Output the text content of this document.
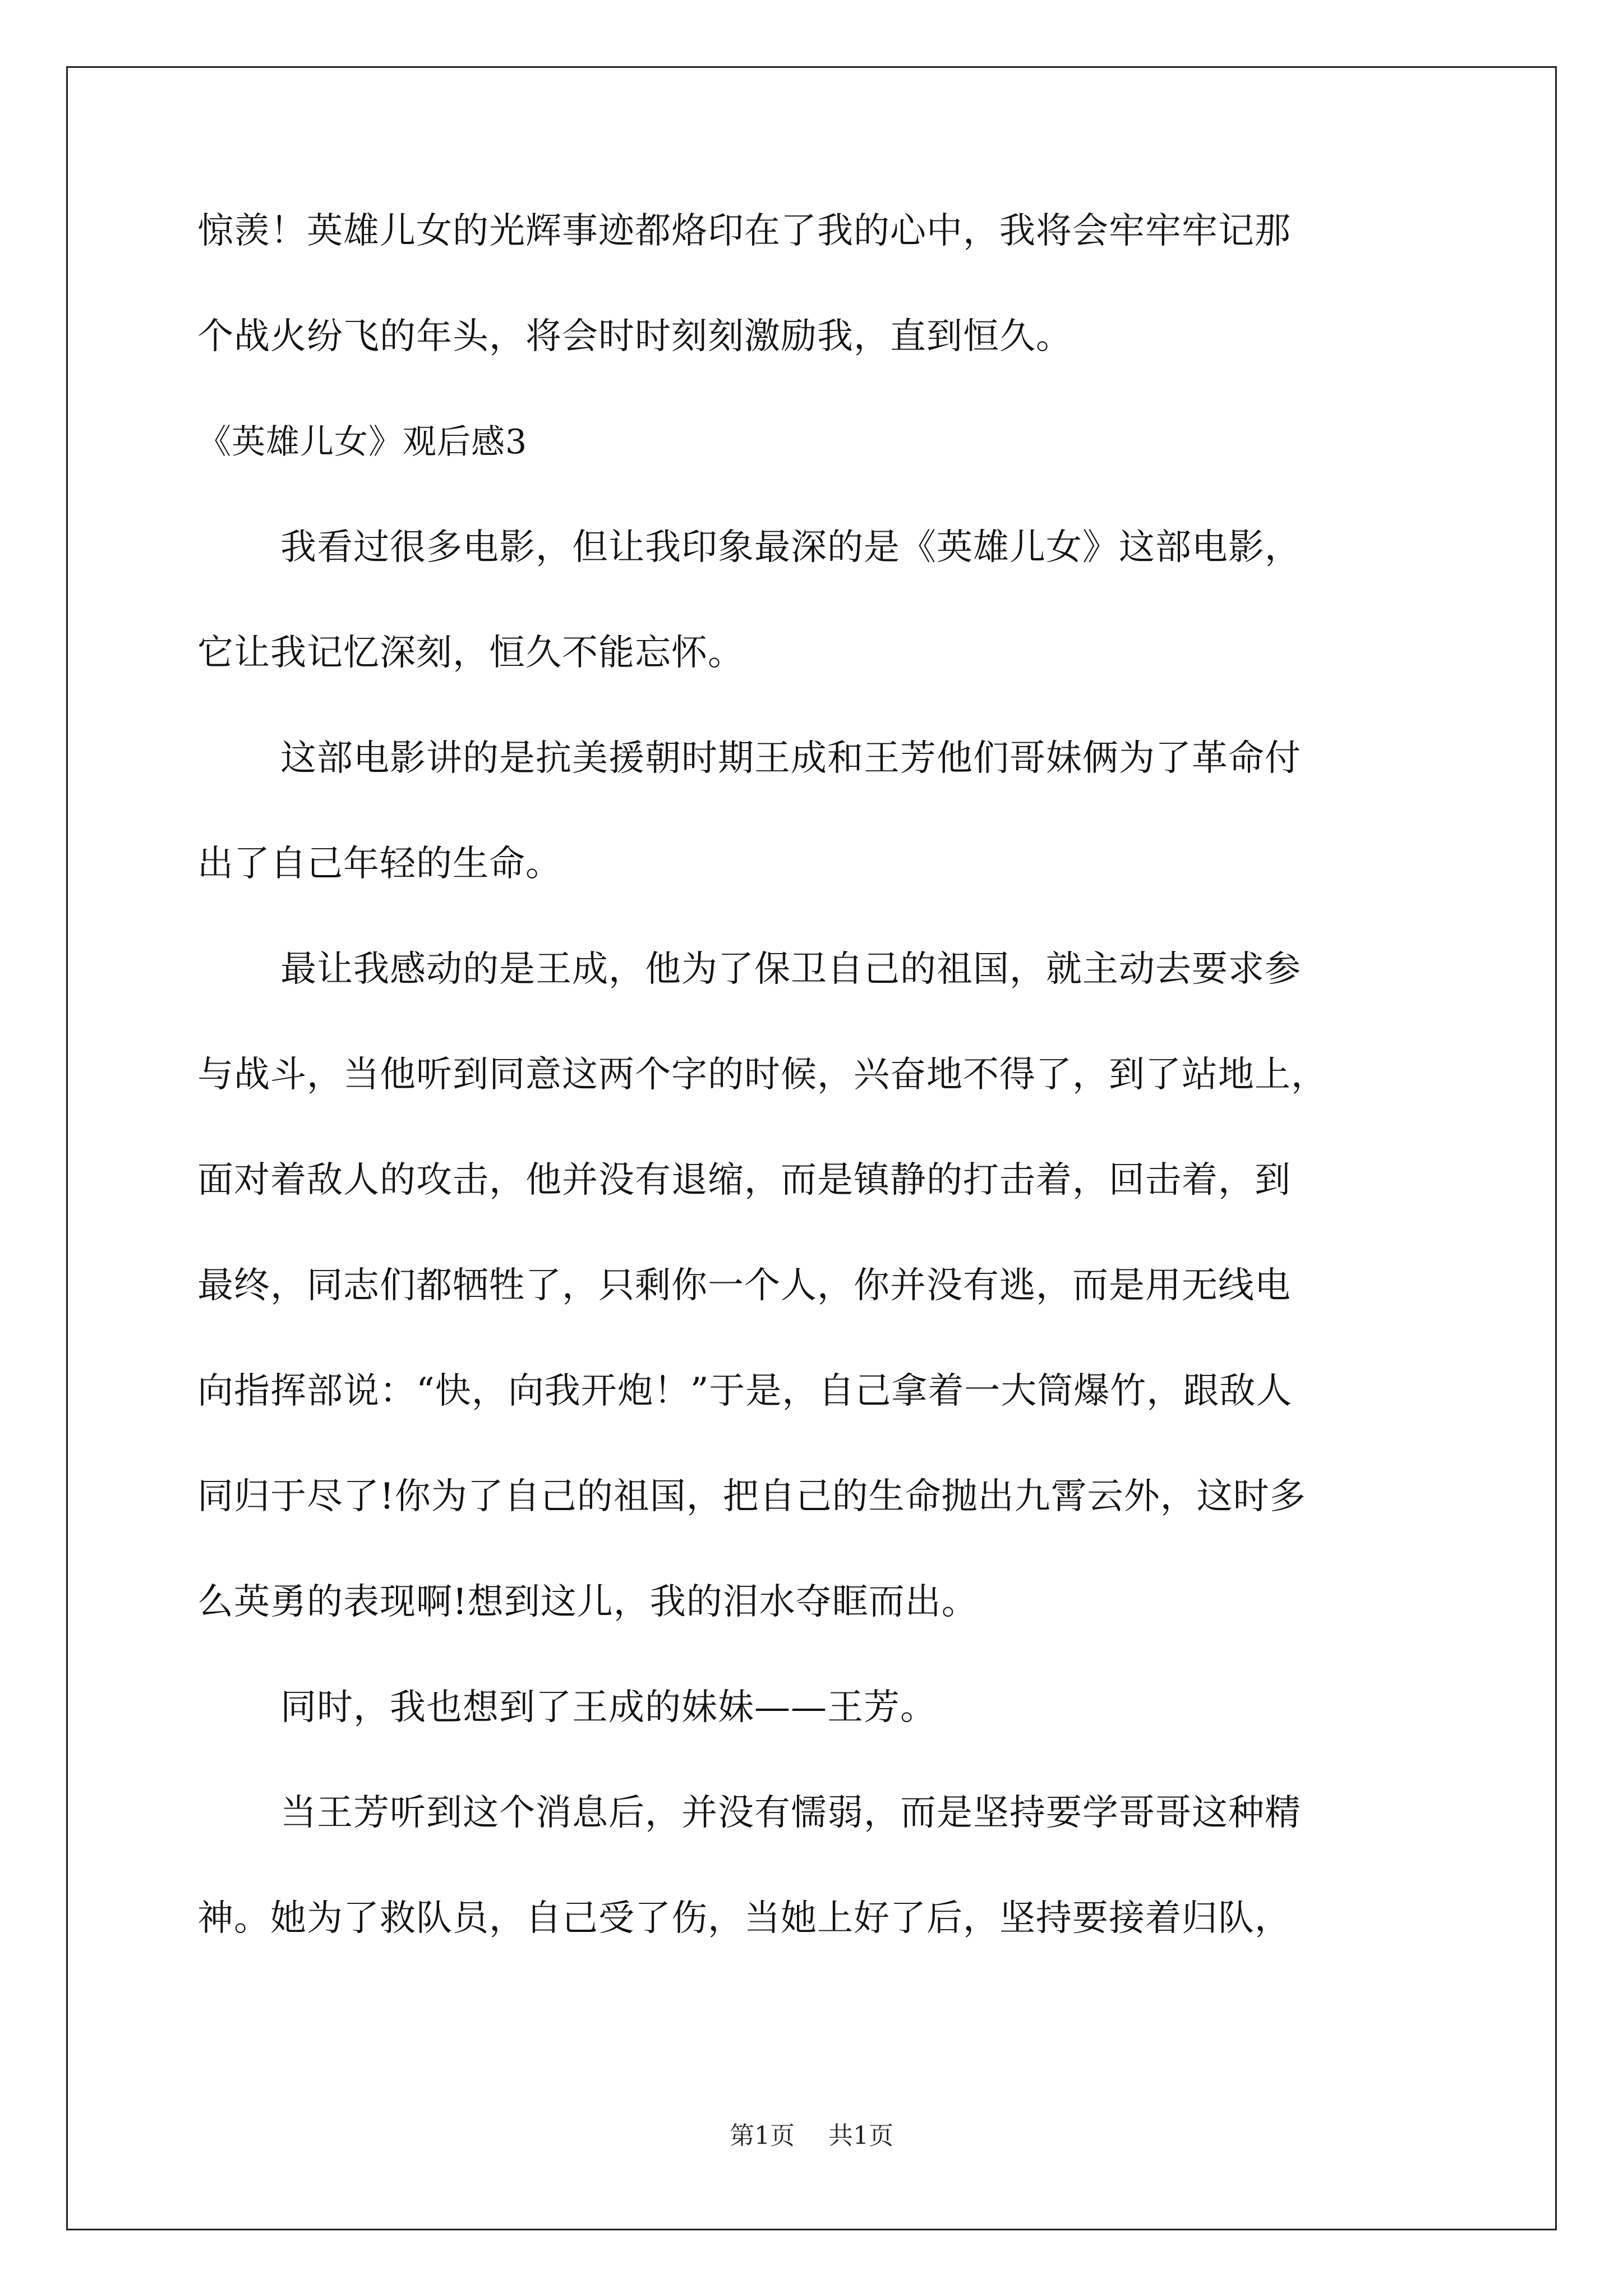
惊羡！英雄儿女的光辉事迹都烙印在了我的心中，我将会牢牢牢记那
个战火纷飞的年头，将会时时刻刻激励我，直到恒久。
《英雄儿女》观后感3
我看过很多电影，但让我印象最深的是《英雄儿女》这部电影，
它让我记忆深刻，恒久不能忘怀。
这部电影讲的是抗美援朝时期王成和王芳他们哥妹俩为了革命付
出了自己年轻的生命。
最让我感动的是王成，他为了保卫自己的祖国，就主动去要求参
与战斗，当他听到同意这两个字的时候，兴奋地不得了，到了站地上，
面对着敌人的攻击，他并没有退缩，而是镇静的打击着，回击着，到
最终，同志们都牺牲了，只剩你一个人，你并没有逃，而是用无线电
向指挥部说：“快，向我开炮！”于是，自己拿着一大筒爆竹，跟敌人
同归于尽了!你为了自己的祖国，把自己的生命抛出九霄云外，这时多
么英勇的表现啊!想到这儿，我的泪水夺眶而出。
同时，我也想到了王成的妹妹——王芳。
当王芳听到这个消息后，并没有懦弱，而是坚持要学哥哥这种精
神。她为了救队员，自己受了伤，当她上好了后，坚持要接着归队，
第1页 共1页
